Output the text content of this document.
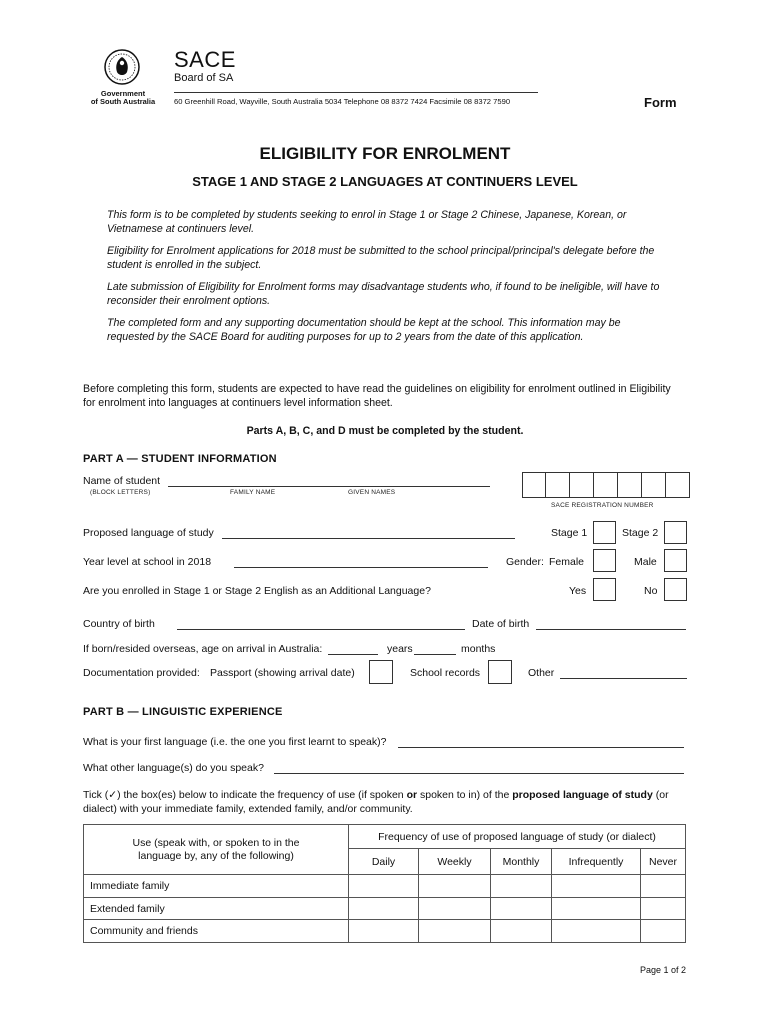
Government
of South Australia
SACE
Board of SA
60 Greenhill Road, Wayville, South Australia 5034 Telephone 08 8372 7424 Facsimile 08 8372 7590	Form
ELIGIBILITY FOR ENROLMENT
STAGE 1 AND STAGE 2 LANGUAGES AT CONTINUERS LEVEL

This form is to be completed by students seeking to enrol in Stage 1 or Stage 2 Chinese, Japanese, Korean, or Vietnamese at continuers level.

Eligibility for Enrolment applications for 2018 must be submitted to the school principal/principal's delegate before the student is enrolled in the subject.

Late submission of Eligibility for Enrolment forms may disadvantage students who, if found to be ineligible, will have to reconsider their enrolment options.

The completed form and any supporting documentation should be kept at the school. This information may be requested by the SACE Board for auditing purposes for up to 2 years from the date of this application.

Before completing this form, students are expected to have read the guidelines on eligibility for enrolment outlined in Eligibility for enrolment into languages at continuers level information sheet.
Parts A, B, C, and D must be completed by the student.
PART A — STUDENT INFORMATION
Name of student
(BLOCK LETTERS)	FAMILY NAME	GIVEN NAMES
SACE REGISTRATION NUMBER
Proposed language of study	Stage 1	Stage 2
Year level at school in 2018	Gender: Female	Male
Are you enrolled in Stage 1 or Stage 2 English as an Additional Language?	Yes	No
Country of birth	Date of birth
If born/resided overseas, age on arrival in Australia:	years	months
Documentation provided: Passport (showing arrival date)	School records	Other
PART B — LINGUISTIC EXPERIENCE
What is your first language (i.e. the one you first learnt to speak)?
What other language(s) do you speak?
Tick (✓) the box(es) below to indicate the frequency of use (if spoken or spoken to in) of the proposed language of study (or dialect) with your immediate family, extended family, and/or community.
Use (speak with, or spoken to in the language by, any of the following)	Frequency of use of proposed language of study (or dialect)				
	Daily	Weekly	Monthly	Infrequently	Never
Immediate family					
Extended family					
Community and friends					
Page 1 of 2
